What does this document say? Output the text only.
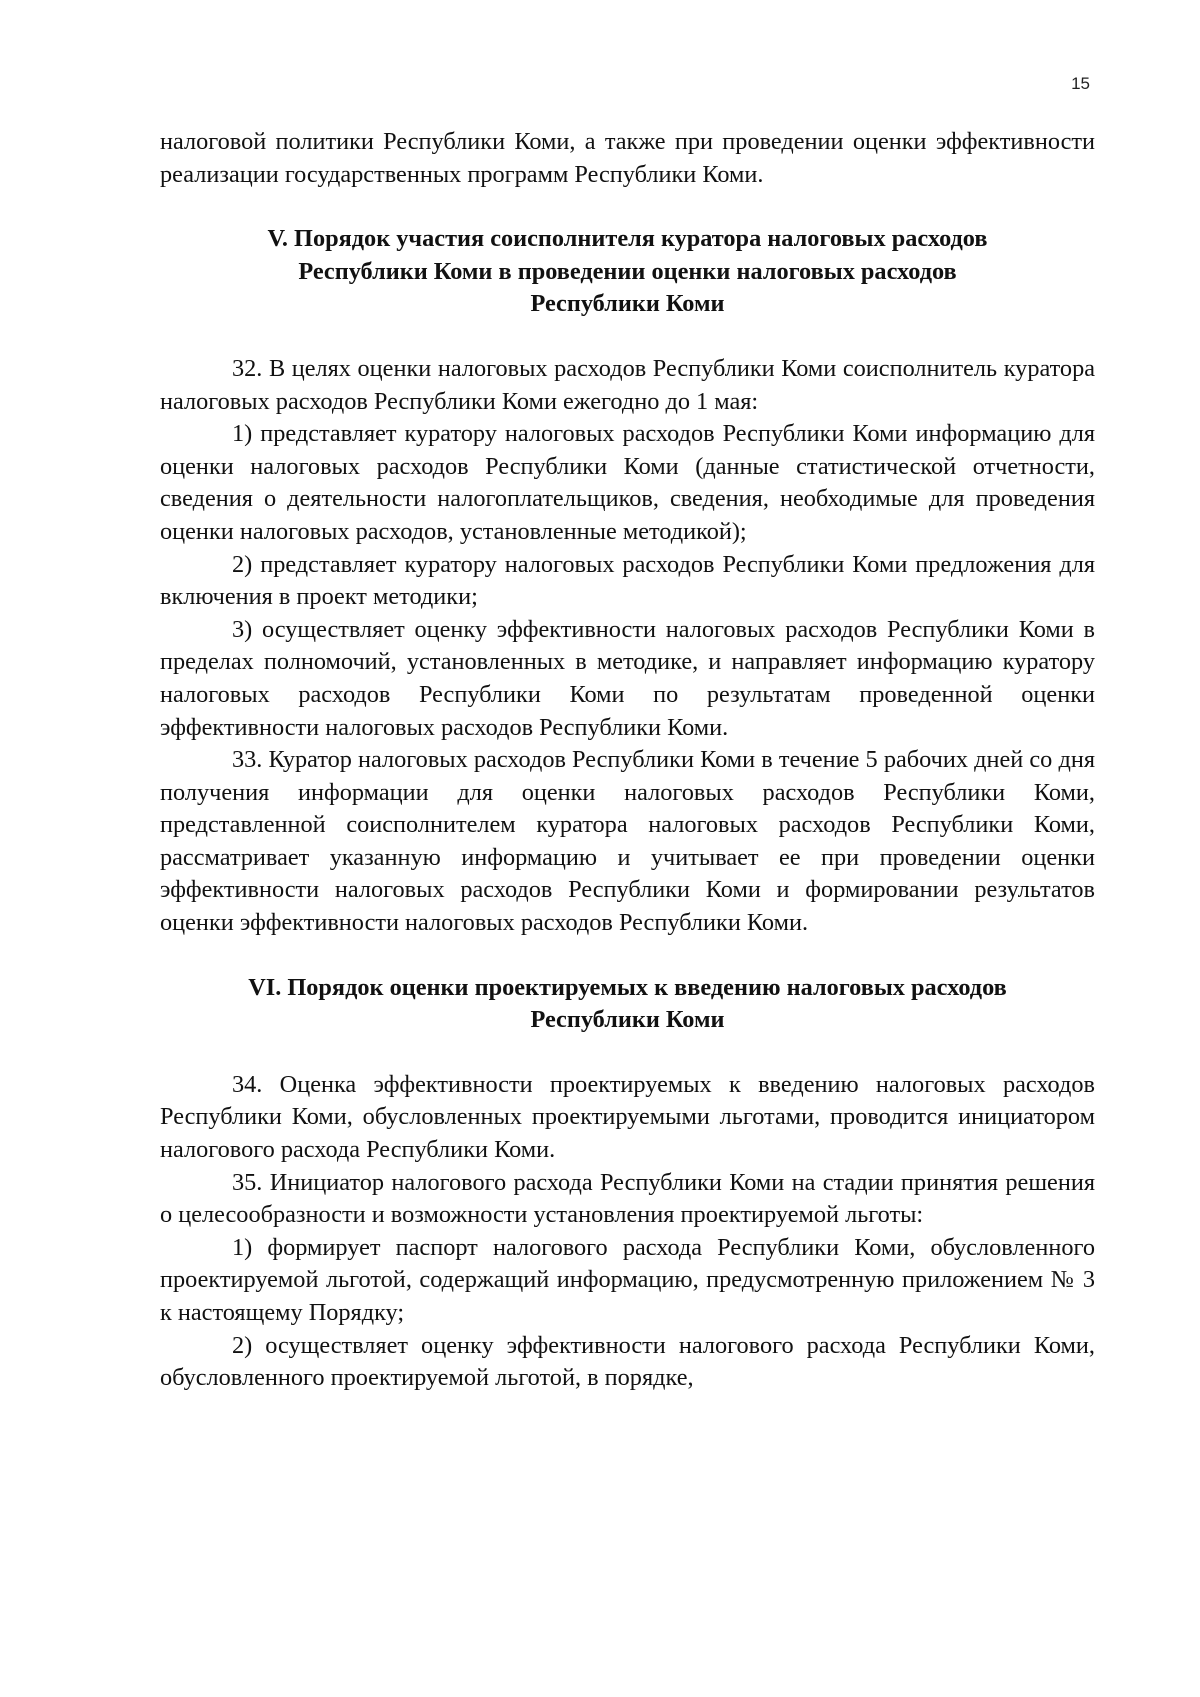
15

налоговой политики Республики Коми, а также при проведении оценки эффективности реализации государственных программ Республики Коми.

V. Порядок участия соисполнителя куратора налоговых расходов
Республики Коми в проведении оценки налоговых расходов
Республики Коми

32. В целях оценки налоговых расходов Республики Коми соисполнитель куратора налоговых расходов Республики Коми ежегодно до 1 мая:

1) представляет куратору налоговых расходов Республики Коми информацию для оценки налоговых расходов Республики Коми (данные статистической отчетности, сведения о деятельности налогоплательщиков, сведения, необходимые для проведения оценки налоговых расходов, установленные методикой);

2) представляет куратору налоговых расходов Республики Коми предложения для включения в проект методики;

3) осуществляет оценку эффективности налоговых расходов Республики Коми в пределах полномочий, установленных в методике, и направляет информацию куратору налоговых расходов Республики Коми по результатам проведенной оценки эффективности налоговых расходов Республики Коми.

33. Куратор налоговых расходов Республики Коми в течение 5 рабочих дней со дня получения информации для оценки налоговых расходов Республики Коми, представленной соисполнителем куратора налоговых расходов Республики Коми, рассматривает указанную информацию и учитывает ее при проведении оценки эффективности налоговых расходов Республики Коми и формировании результатов оценки эффективности налоговых расходов Республики Коми.

VI. Порядок оценки проектируемых к введению налоговых расходов
Республики Коми

34. Оценка эффективности проектируемых к введению налоговых расходов Республики Коми, обусловленных проектируемыми льготами, проводится инициатором налогового расхода Республики Коми.

35. Инициатор налогового расхода Республики Коми на стадии принятия решения о целесообразности и возможности установления проектируемой льготы:

1) формирует паспорт налогового расхода Республики Коми, обусловленного проектируемой льготой, содержащий информацию, предусмотренную приложением № 3 к настоящему Порядку;

2) осуществляет оценку эффективности налогового расхода Республики Коми, обусловленного проектируемой льготой, в порядке,
